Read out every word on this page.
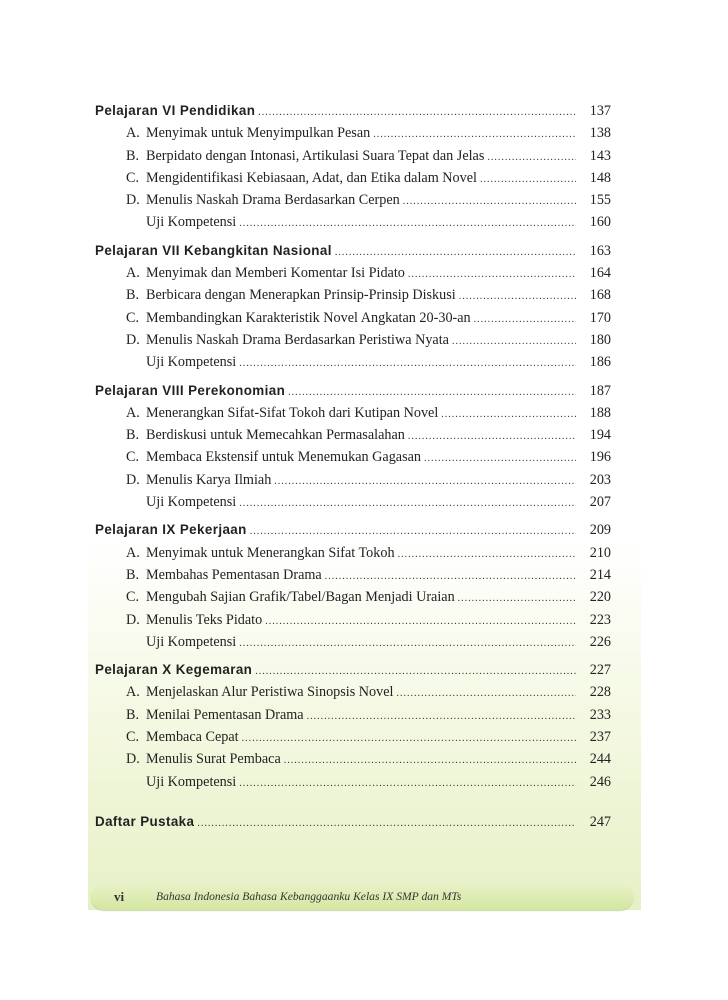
Pelajaran VI Pendidikan .....	137
A. Menyimak untuk Menyimpulkan Pesan .....	138
B. Berpidato dengan Intonasi, Artikulasi Suara Tepat dan Jelas .....	143
C. Mengidentifikasi Kebiasaan, Adat, dan Etika dalam Novel .....	148
D. Menulis Naskah Drama Berdasarkan Cerpen .....	155
Uji Kompetensi .....	160
Pelajaran VII Kebangkitan Nasional .....	163
A. Menyimak dan Memberi Komentar Isi Pidato .....	164
B. Berbicara dengan Menerapkan Prinsip-Prinsip Diskusi .....	168
C. Membandingkan Karakteristik Novel Angkatan 20-30-an .....	170
D. Menulis Naskah Drama Berdasarkan Peristiwa Nyata .....	180
Uji Kompetensi .....	186
Pelajaran VIII Perekonomian .....	187
A. Menerangkan Sifat-Sifat Tokoh dari Kutipan Novel .....	188
B. Berdiskusi untuk Memecahkan Permasalahan .....	194
C. Membaca Ekstensif untuk Menemukan Gagasan .....	196
D. Menulis Karya Ilmiah .....	203
Uji Kompetensi .....	207
Pelajaran IX Pekerjaan .....	209
A. Menyimak untuk Menerangkan Sifat Tokoh .....	210
B. Membahas Pementasan Drama .....	214
C. Mengubah Sajian Grafik/Tabel/Bagan Menjadi Uraian .....	220
D. Menulis Teks Pidato .....	223
Uji Kompetensi .....	226
Pelajaran X Kegemaran .....	227
A. Menjelaskan Alur Peristiwa Sinopsis Novel .....	228
B. Menilai Pementasan Drama .....	233
C. Membaca Cepat .....	237
D. Menulis Surat Pembaca .....	244
Uji Kompetensi .....	246
Daftar Pustaka .....	247
vi	Bahasa Indonesia Bahasa Kebanggaanku Kelas IX SMP dan MTs
